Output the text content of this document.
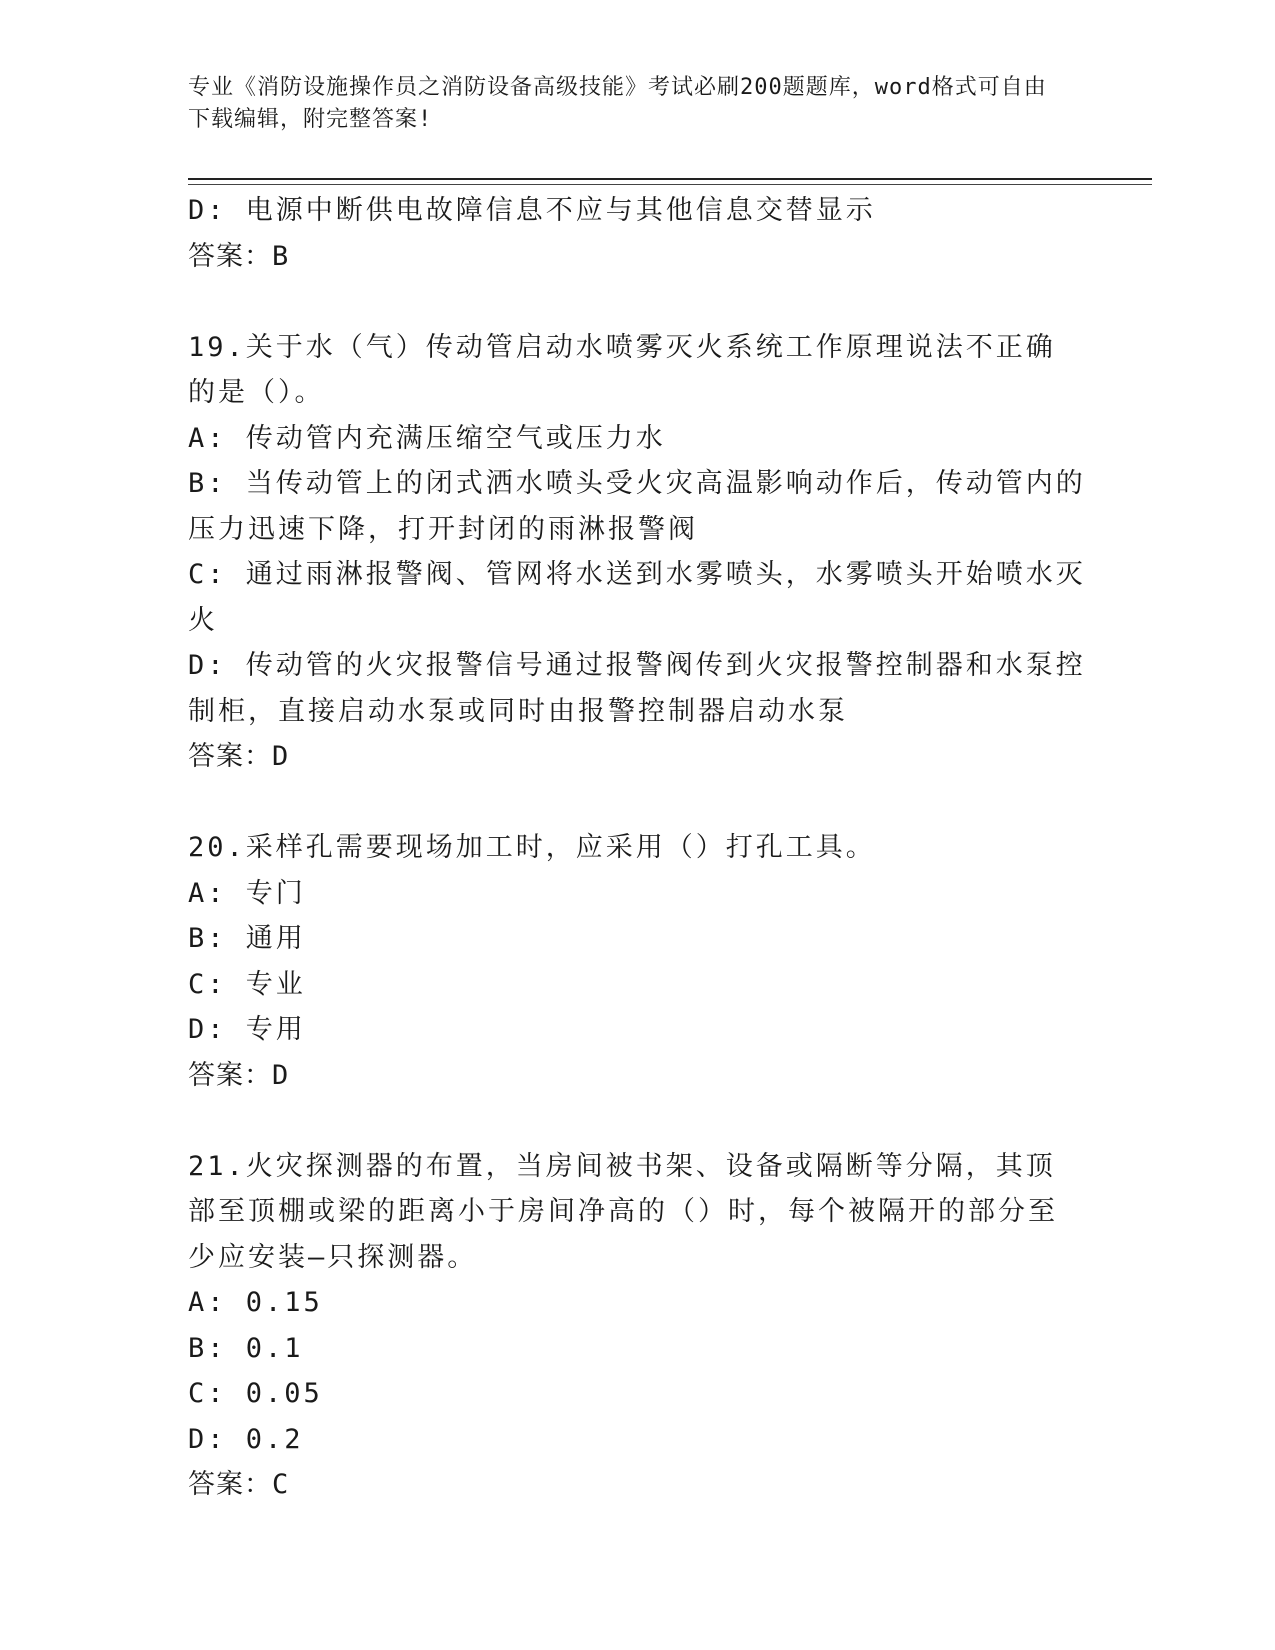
专业《消防设施操作员之消防设备高级技能》考试必刷200题题库，word格式可自由下载编辑，附完整答案!

D: 电源中断供电故障信息不应与其他信息交替显示

答案：B

19.关于水（气）传动管启动水喷雾灭火系统工作原理说法不正确的是（）。

A: 传动管内充满压缩空气或压力水

B: 当传动管上的闭式洒水喷头受火灾高温影响动作后，传动管内的压力迅速下降，打开封闭的雨淋报警阀

C: 通过雨淋报警阀、管网将水送到水雾喷头，水雾喷头开始喷水灭火

D: 传动管的火灾报警信号通过报警阀传到火灾报警控制器和水泵控制柜，直接启动水泵或同时由报警控制器启动水泵

答案：D

20.采样孔需要现场加工时，应采用（）打孔工具。

A: 专门

B: 通用

C: 专业

D: 专用

答案：D

21.火灾探测器的布置，当房间被书架、设备或隔断等分隔，其顶部至顶棚或梁的距离小于房间净高的（）时，每个被隔开的部分至少应安装—只探测器。

A: 0.15

B: 0.1

C: 0.05

D: 0.2

答案：C
